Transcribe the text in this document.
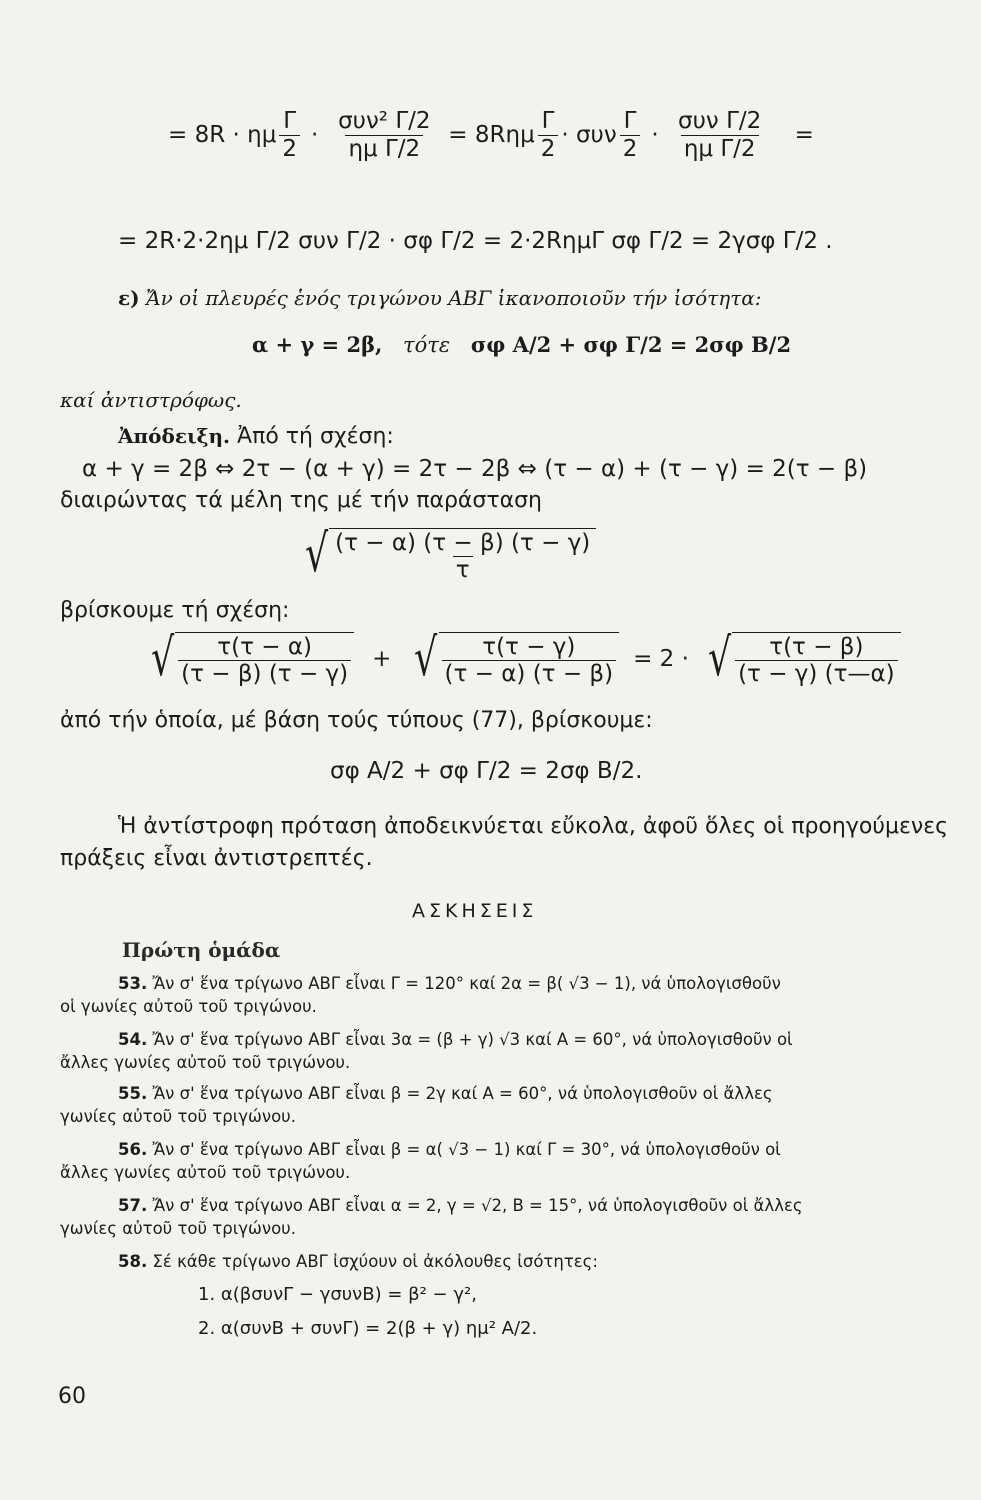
= 8R · ημ $\frac{\Gamma}{2} \cdot \frac{\text{συν² Γ/2}}{\text{ημ Γ/2}} = 8R\eta\mu \frac{\Gamma}{2} \cdot \sigma\upsilon\nu \frac{\Gamma}{2} \cdot \frac{\text{συν Γ/2}}{\text{ημ Γ/2}}$ =
= 2R·2·2ημ Γ/2 συν Γ/2 · σφ Γ/2 = 2·2RημΓ σφ Γ/2 = 2γσφ Γ/2 .
ε) Ἄν οἱ πλευρές ἑνός τριγώνου ΑΒΓ ἱκανοποιοῦν τήν ἰσότητα:
α + γ = 2β, τότε σφ A/2 + σφ Γ/2 = 2σφ B/2
καί ἀντιστρόφως.
Ἀπόδειξη. Ἀπό τή σχέση:
α + γ = 2β ⇔ 2τ − (α + γ) = 2τ − 2β ⇔ (τ − α) + (τ − γ) = 2(τ − β)
διαιρώντας τά μέλη της μέ τήν παράσταση
√ $\frac{(\tau - \alpha) (\tau - \beta) (\tau - \gamma)}{\tau}$
βρίσκουμε τή σχέση:
√ $\frac{\tau(\tau - \alpha)}{(\tau - \beta) (\tau - \gamma)}$ + √ $\frac{\tau(\tau - \gamma)}{(\tau - \alpha) (\tau - \beta)} = 2$ · √ $\frac{\tau(\tau - \beta)}{(\tau - \gamma) (\tau—\alpha)}$
ἀπό τήν ὁποία, μέ βάση τούς τύπους (77), βρίσκουμε:
σφ A/2 + σφ Γ/2 = 2σφ B/2.
Ἡ ἀντίστροφη πρόταση ἀποδεικνύεται εὔκολα, ἀφοῦ ὅλες οἱ προηγούμενες
πράξεις εἶναι ἀντιστρεπτές.
ΑΣΚΗΣΕΙΣ
Πρώτη ὁμάδα
53. Ἄν σ' ἕνα τρίγωνο ΑΒΓ εἶναι Γ = 120° καί 2α = β( √3 − 1), νά ὑπολογισθοῦν
οἱ γωνίες αὐτοῦ τοῦ τριγώνου.
54. Ἄν σ' ἕνα τρίγωνο ΑΒΓ εἶναι 3α = (β + γ) √3 καί Α = 60°, νά ὑπολογισθοῦν οἱ
ἄλλες γωνίες αὐτοῦ τοῦ τριγώνου.
55. Ἄν σ' ἕνα τρίγωνο ΑΒΓ εἶναι β = 2γ καί Α = 60°, νά ὑπολογισθοῦν οἱ ἄλλες
γωνίες αὐτοῦ τοῦ τριγώνου.
56. Ἄν σ' ἕνα τρίγωνο ΑΒΓ εἶναι β = α( √3 − 1) καί Γ = 30°, νά ὑπολογισθοῦν οἱ
ἄλλες γωνίες αὐτοῦ τοῦ τριγώνου.
57. Ἄν σ' ἕνα τρίγωνο ΑΒΓ εἶναι α = 2, γ = √2, Β = 15°, νά ὑπολογισθοῦν οἱ ἄλλες
γωνίες αὐτοῦ τοῦ τριγώνου.
58. Σέ κάθε τρίγωνο ΑΒΓ ἰσχύουν οἱ ἀκόλουθες ἰσότητες:
1. α(βσυνΓ − γσυνΒ) = β² − γ²,
2. α(συνΒ + συνΓ) = 2(β + γ) ημ² A/2.
60
